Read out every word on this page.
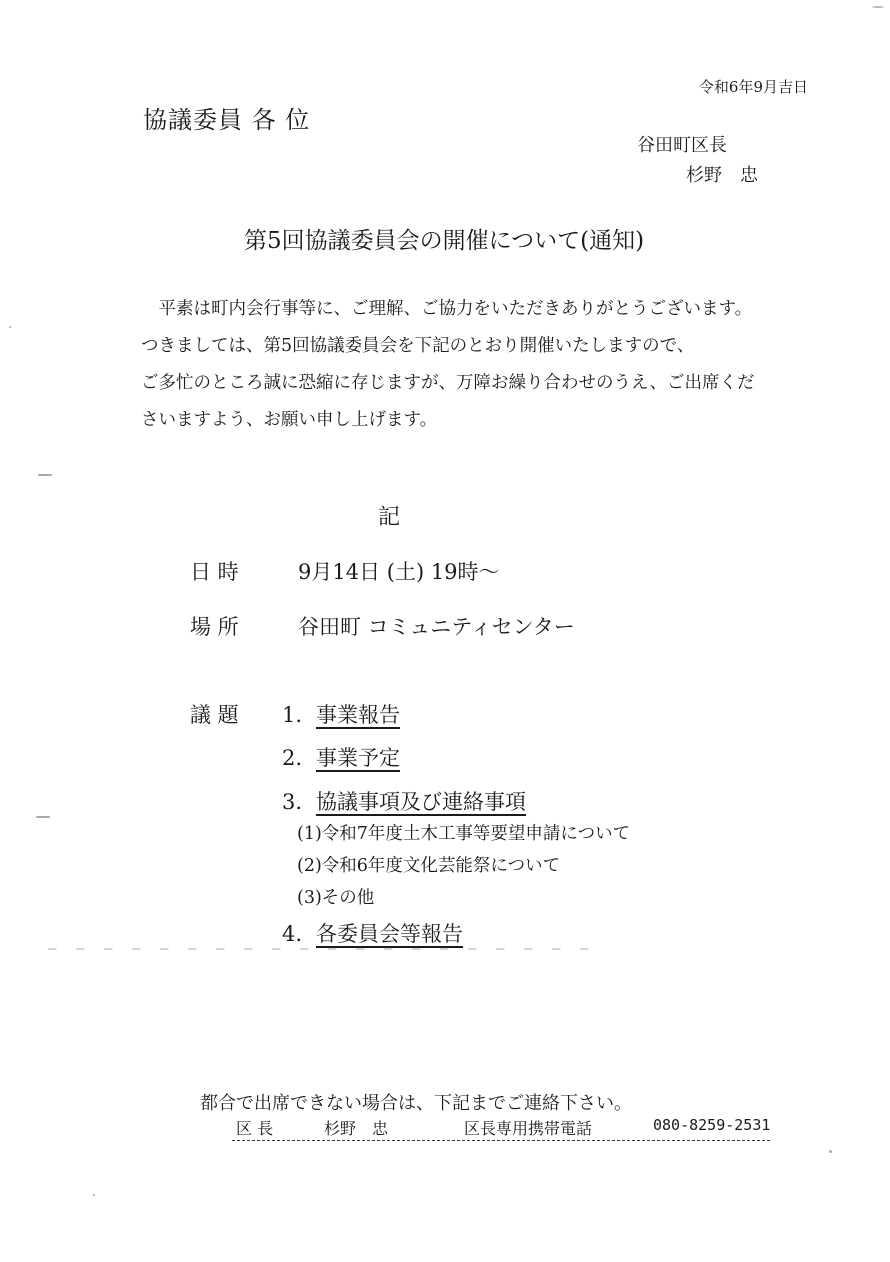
令和6年9月吉日
協議委員 各 位
谷田町区長
杉野　忠
第5回協議委員会の開催について(通知)
　平素は町内会行事等に、ご理解、ご協力をいただきありがとうございます。
つきましては、第5回協議委員会を下記のとおり開催いたしますので、
ご多忙のところ誠に恐縮に存じますが、万障お繰り合わせのうえ、ご出席くだ
さいますよう、お願い申し上げます。
記
日 時	9月14日 (土) 19時〜
場 所	谷田町 コミュニティセンター
議 題 1. 事業報告
2. 事業予定
3. 協議事項及び連絡事項
(1)令和7年度土木工事等要望申請について
(2)令和6年度文化芸能祭について
(3)その他
4. 各委員会等報告
都合で出席できない場合は、下記までご連絡下さい。
区 長	杉野　忠	区長専用携帯電話	080-8259-2531
